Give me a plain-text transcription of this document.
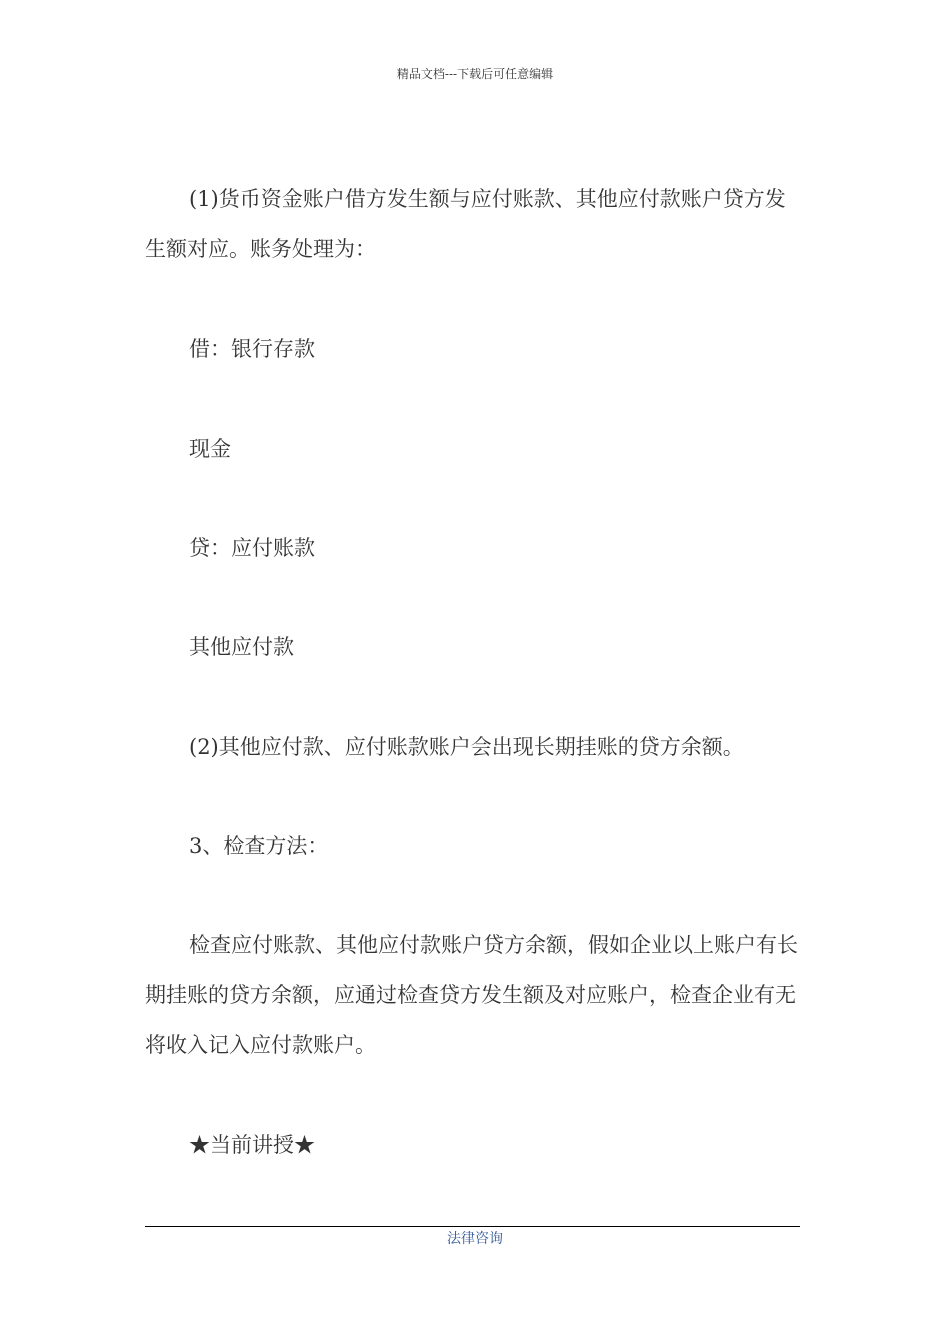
精品文档---下载后可任意编辑

(1)货币资金账户借方发生额与应付账款、其他应付款账户贷方发生额对应。账务处理为：

借：银行存款

现金

贷：应付账款

其他应付款

(2)其他应付款、应付账款账户会出现长期挂账的贷方余额。

3、检查方法：

检查应付账款、其他应付款账户贷方余额，假如企业以上账户有长期挂账的贷方余额，应通过检查贷方发生额及对应账户，检查企业有无将收入记入应付款账户。

★当前讲授★

法律咨询
